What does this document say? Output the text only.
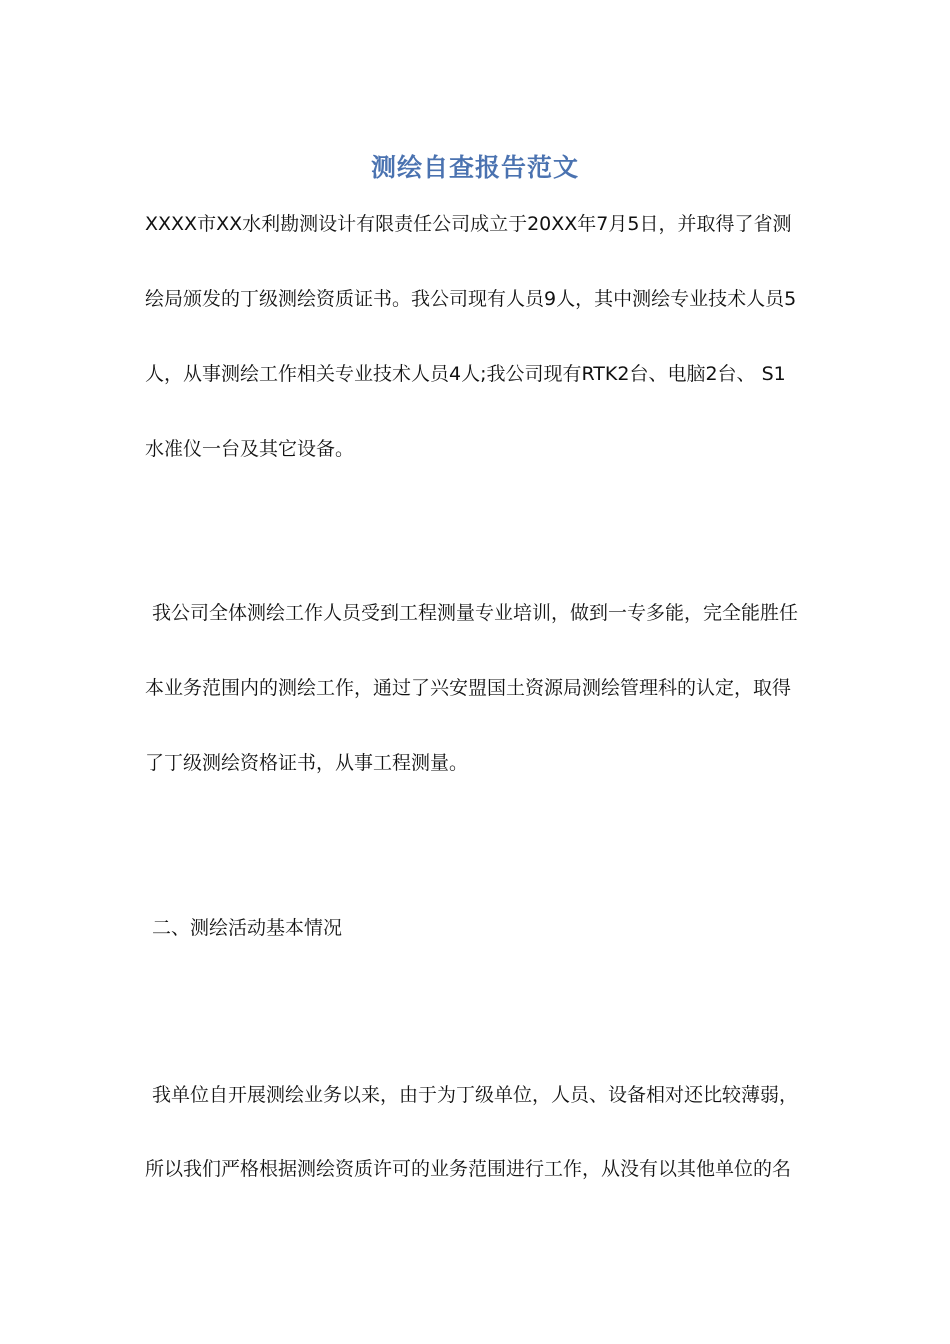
测绘自查报告范文
XXXX市XX水利勘测设计有限责任公司成立于20XX年7月5日，并取得了省测
绘局颁发的丁级测绘资质证书。我公司现有人员9人，其中测绘专业技术人员5
人，从事测绘工作相关专业技术人员4人;我公司现有RTK2台、电脑2台、 S1
水准仪一台及其它设备。
我公司全体测绘工作人员受到工程测量专业培训，做到一专多能，完全能胜任
本业务范围内的测绘工作，通过了兴安盟国土资源局测绘管理科的认定，取得
了丁级测绘资格证书，从事工程测量。
二、测绘活动基本情况
我单位自开展测绘业务以来，由于为丁级单位，人员、设备相对还比较薄弱，
所以我们严格根据测绘资质许可的业务范围进行工作，从没有以其他单位的名
